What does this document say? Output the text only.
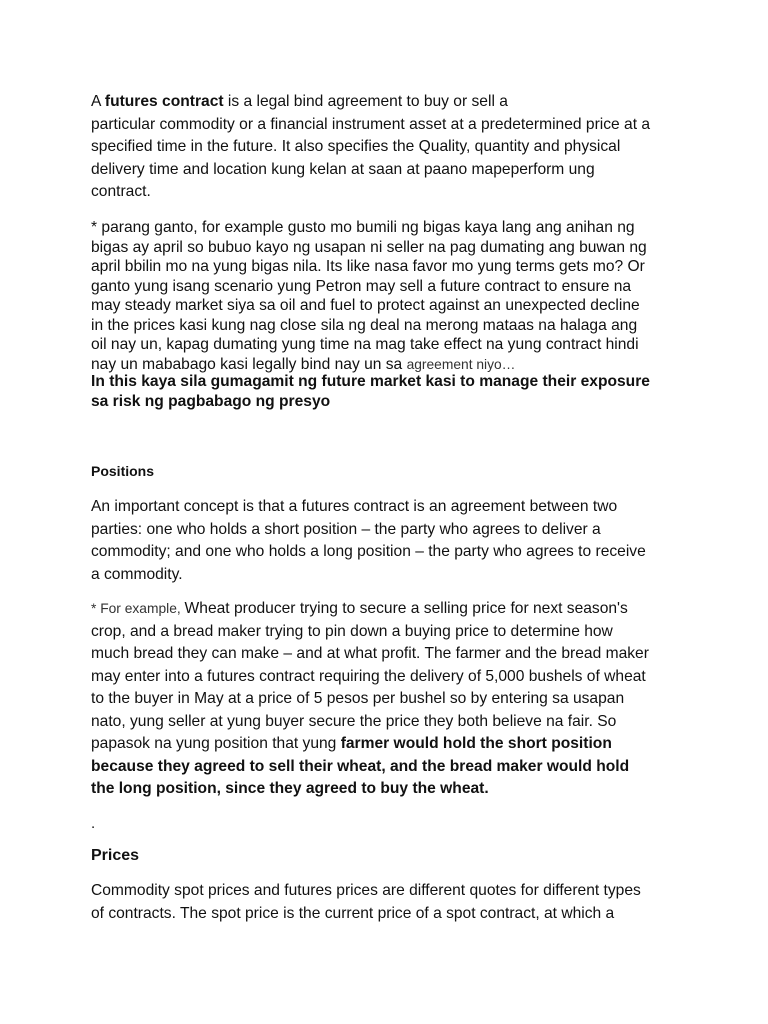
A futures contract is a legal bind agreement to buy or sell a
particular commodity or a financial instrument asset at a predetermined price at a
specified time in the future. It also specifies the Quality, quantity and physical
delivery time and location kung kelan at saan at paano mapeperform ung
contract.

* parang ganto, for example gusto mo bumili ng bigas kaya lang ang anihan ng
bigas ay april so bubuo kayo ng usapan ni seller na pag dumating ang buwan ng
april bbilin mo na yung bigas nila. Its like nasa favor mo yung terms gets mo? Or
ganto yung isang scenario yung Petron may sell a future contract to ensure na
may steady market siya sa oil and fuel to protect against an unexpected decline
in the prices kasi kung nag close sila ng deal na merong mataas na halaga ang
oil nay un, kapag dumating yung time na mag take effect na yung contract hindi
nay un mababago kasi legally bind nay un sa agreement niyo…

In this kaya sila gumagamit ng future market kasi to manage their exposure
sa risk ng pagbabago ng presyo

Positions

An important concept is that a futures contract is an agreement between two
parties: one who holds a short position – the party who agrees to deliver a
commodity; and one who holds a long position – the party who agrees to receive
a commodity.

* For example, Wheat producer trying to secure a selling price for next season's
crop, and a bread maker trying to pin down a buying price to determine how
much bread they can make – and at what profit. The farmer and the bread maker
may enter into a futures contract requiring the delivery of 5,000 bushels of wheat
to the buyer in May at a price of 5 pesos per bushel so by entering sa usapan
nato, yung seller at yung buyer secure the price they both believe na fair. So
papasok na yung position that yung farmer would hold the short position
because they agreed to sell their wheat, and the bread maker would hold
the long position, since they agreed to buy the wheat.

.

Prices

Commodity spot prices and futures prices are different quotes for different types
of contracts. The spot price is the current price of a spot contract, at which a
